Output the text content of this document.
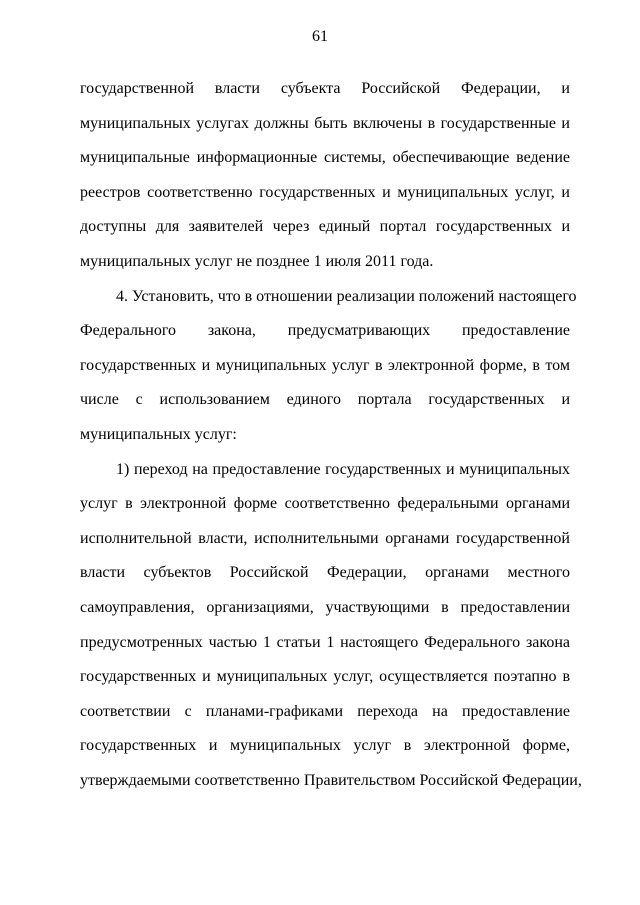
61
государственной власти субъекта Российской Федерации, и
муниципальных услугах должны быть включены в государственные и
муниципальные информационные системы, обеспечивающие ведение
реестров соответственно государственных и муниципальных услуг, и
доступны для заявителей через единый портал государственных и
муниципальных услуг не позднее 1 июля 2011 года.
4. Установить, что в отношении реализации положений настоящего
Федерального закона, предусматривающих предоставление
государственных и муниципальных услуг в электронной форме, в том
числе с использованием единого портала государственных и
муниципальных услуг:
1) переход на предоставление государственных и муниципальных
услуг в электронной форме соответственно федеральными органами
исполнительной власти, исполнительными органами государственной
власти субъектов Российской Федерации, органами местного
самоуправления, организациями, участвующими в предоставлении
предусмотренных частью 1 статьи 1 настоящего Федерального закона
государственных и муниципальных услуг, осуществляется поэтапно в
соответствии с планами-графиками перехода на предоставление
государственных и муниципальных услуг в электронной форме,
утверждаемыми соответственно Правительством Российской Федерации,
